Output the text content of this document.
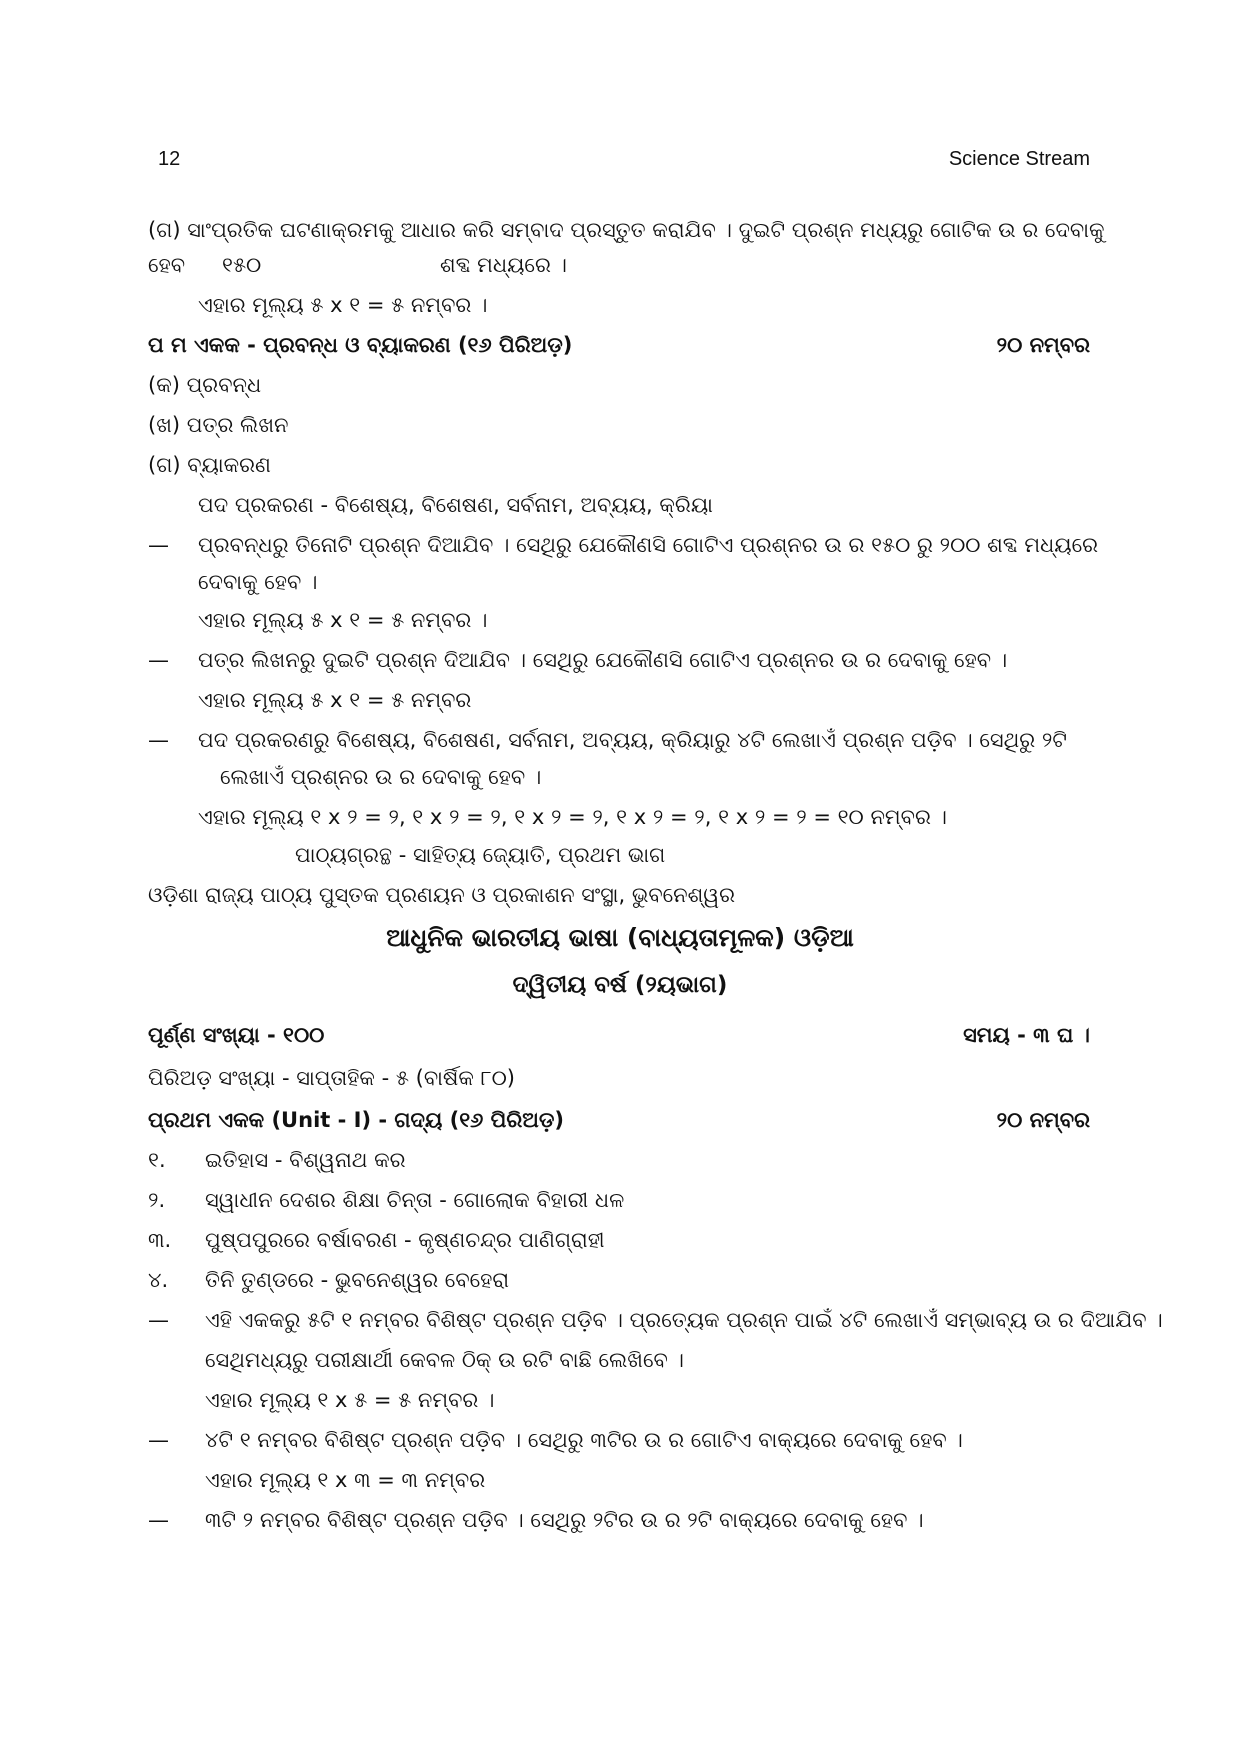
12	Science Stream
(ଗ) ସାଂପ୍ରତିକ ଘଟଣାକ୍ରମକୁ ଆଧାର କରି ସମ୍ବାଦ ପ୍ରସ୍ତୁତ କରାଯିବ । ଦୁଇଟି ପ୍ରଶ୍ନ ମଧ୍ୟରୁ ଗୋଟିକ ଉ ର ଦେବାକୁ
ହେବ ୧୫୦	ଶବ୍ଦ ମଧ୍ୟରେ ।
ଏହାର ମୂଲ୍ୟ ୫ x ୧ = ୫ ନମ୍ବର ।
ପ ମ ଏକକ - ପ୍ରବନ୍ଧ ଓ ବ୍ୟାକରଣ (୧୬ ପିରିଅଡ଼)	୨୦ ନମ୍ବର
(କ) ପ୍ରବନ୍ଧ
(ଖ) ପତ୍ର ଲିଖନ
(ଗ) ବ୍ୟାକରଣ
ପଦ ପ୍ରକରଣ - ବିଶେଷ୍ୟ, ବିଶେଷଣ, ସର୍ବନାମ, ଅବ୍ୟୟ, କ୍ରିୟା
— ପ୍ରବନ୍ଧରୁ ତିନୋଟି ପ୍ରଶ୍ନ ଦିଆଯିବ । ସେଥିରୁ ଯେକୌଣସି ଗୋଟିଏ ପ୍ରଶ୍ନର ଉ ର ୧୫୦ ରୁ ୨୦୦ ଶବ୍ଦ ମଧ୍ୟରେ
ଦେବାକୁ ହେବ ।
ଏହାର ମୂଲ୍ୟ ୫ x ୧ = ୫ ନମ୍ବର ।
— ପତ୍ର ଲିଖନରୁ ଦୁଇଟି ପ୍ରଶ୍ନ ଦିଆଯିବ । ସେଥିରୁ ଯେକୌଣସି ଗୋଟିଏ ପ୍ରଶ୍ନର ଉ ର ଦେବାକୁ ହେବ ।
ଏହାର ମୂଲ୍ୟ ୫ x ୧ = ୫ ନମ୍ବର
— ପଦ ପ୍ରକରଣରୁ ବିଶେଷ୍ୟ, ବିଶେଷଣ, ସର୍ବନାମ, ଅବ୍ୟୟ, କ୍ରିୟାରୁ ୪ଟି ଲେଖାଏଁ ପ୍ରଶ୍ନ ପଡ଼ିବ । ସେଥିରୁ ୨ଟି
ଲେଖାଏଁ ପ୍ରଶ୍ନର ଉ ର ଦେବାକୁ ହେବ ।
ଏହାର ମୂଲ୍ୟ ୧ x ୨ = ୨, ୧ x ୨ = ୨, ୧ x ୨ = ୨, ୧ x ୨ = ୨, ୧ x ୨ = ୨ = ୧୦ ନମ୍ବର ।
ପାଠ୍ୟଗ୍ରନ୍ଥ - ସାହିତ୍ୟ ଜ୍ୟୋତି, ପ୍ରଥମ ଭାଗ
ଓଡ଼ିଶା ରାଜ୍ୟ ପାଠ୍ୟ ପୁସ୍ତକ ପ୍ରଣୟନ ଓ ପ୍ରକାଶନ ସଂସ୍ଥା, ଭୁବନେଶ୍ୱର
ଆଧୁନିକ ଭାରତୀୟ ଭାଷା (ବାଧ୍ୟତାମୂଳକ) ଓଡ଼ିଆ
ଦ୍ୱିତୀୟ ବର୍ଷ (୨ୟଭାଗ)
ପୂର୍ଣ୍ଣ ସଂଖ୍ୟା - ୧୦୦	ସମୟ - ୩ ଘ ।
ପିରିଅଡ଼ ସଂଖ୍ୟା - ସାପ୍ତାହିକ - ୫ (ବାର୍ଷିକ ୮୦)
ପ୍ରଥମ ଏକକ (Unit - I) - ଗଦ୍ୟ (୧୬ ପିରିଅଡ଼)	୨୦ ନମ୍ବର
୧. ଇତିହାସ - ବିଶ୍ୱନାଥ କର
୨. ସ୍ୱାଧୀନ ଦେଶର ଶିକ୍ଷା ଚିନ୍ତା - ଗୋଲୋକ ବିହାରୀ ଧଳ
୩. ପୁଷ୍ପପୁରରେ ବର୍ଷାବରଣ - କୃଷ୍ଣଚନ୍ଦ୍ର ପାଣିଗ୍ରାହୀ
୪. ତିନି ତୁଣ୍ଡରେ - ଭୁବନେଶ୍ୱର ବେହେରା
— ଏହି ଏକକରୁ ୫ଟି ୧ ନମ୍ବର ବିଶିଷ୍ଟ ପ୍ରଶ୍ନ ପଡ଼ିବ । ପ୍ରତ୍ୟେକ ପ୍ରଶ୍ନ ପାଇଁ ୪ଟି ଲେଖାଏଁ ସମ୍ଭାବ୍ୟ ଉ ର ଦିଆଯିବ ।
ସେଥିମଧ୍ୟରୁ ପରୀକ୍ଷାର୍ଥୀ କେବଳ ଠିକ୍ ଉ ରଟି ବାଛି ଲେଖିବେ ।
ଏହାର ମୂଲ୍ୟ ୧ x ୫ = ୫ ନମ୍ବର ।
— ୪ଟି ୧ ନମ୍ବର ବିଶିଷ୍ଟ ପ୍ରଶ୍ନ ପଡ଼ିବ । ସେଥିରୁ ୩ଟିର ଉ ର ଗୋଟିଏ ବାକ୍ୟରେ ଦେବାକୁ ହେବ ।
ଏହାର ମୂଲ୍ୟ ୧ x ୩ = ୩ ନମ୍ବର
— ୩ଟି ୨ ନମ୍ବର ବିଶିଷ୍ଟ ପ୍ରଶ୍ନ ପଡ଼ିବ । ସେଥିରୁ ୨ଟିର ଉ ର ୨ଟି ବାକ୍ୟରେ ଦେବାକୁ ହେବ ।
